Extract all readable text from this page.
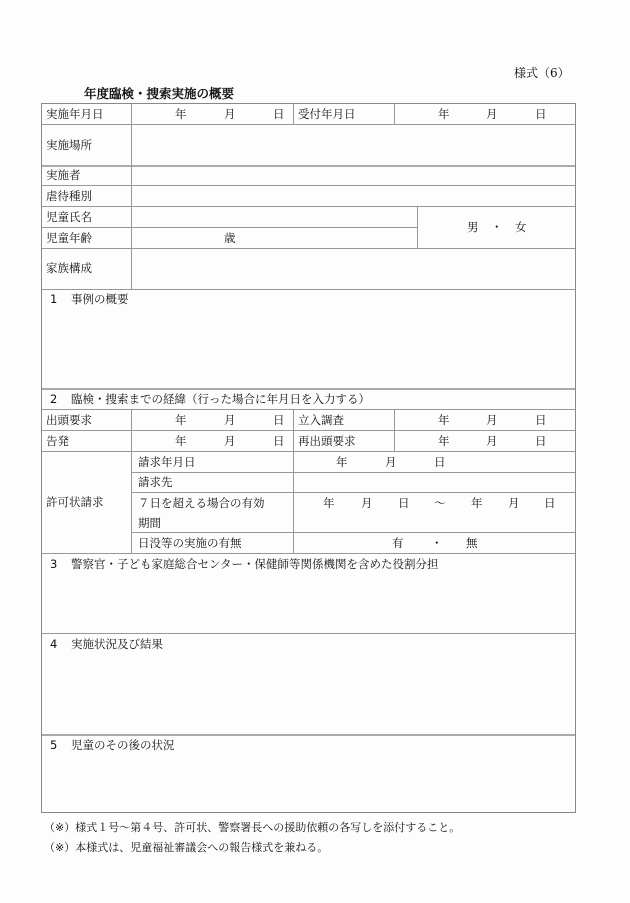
様式（6）
年度臨検・捜索実施の概要
実施年月日	年	月	日 受付年月日	年	月	日
実施場所
実施者
虐待種別
児童氏名
児童年齢	歳
男 ・ 女
家族構成
1 事例の概要
2 臨検・捜索までの経緯（行った場合に年月日を入力する）
出頭要求	年	月	日 立入調査	年	月	日
告発	年	月	日 再出頭要求	年	月	日
許可状請求
請求年月日	年	月	日
請求先
７日を超える場合の有効
期間
年 月 日 ～ 年 月 日
日没等の実施の有無	有 ・ 無
3 警察官・子ども家庭総合センター・保健師等関係機関を含めた役割分担
4 実施状況及び結果
5 児童のその後の状況
（※）様式１号～第４号、許可状、警察署長への援助依頼の各写しを添付すること。
（※）本様式は、児童福祉審議会への報告様式を兼ねる。
